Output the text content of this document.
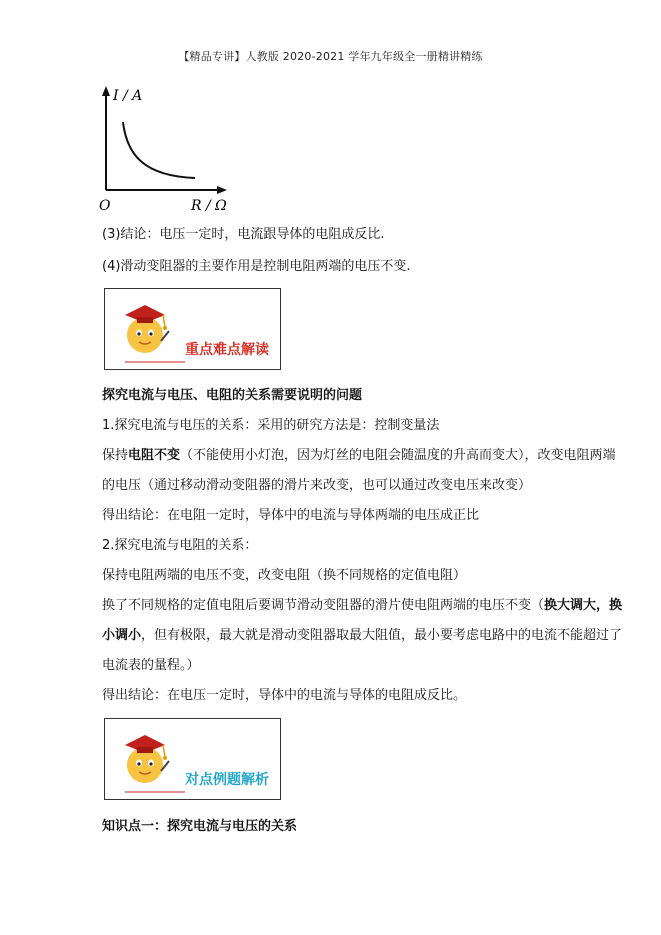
【精品专讲】人教版 2020-2021 学年九年级全一册精讲精练
I / A
R / Ω
O
(3)结论：电压一定时，电流跟导体的电阻成反比.
(4)滑动变阻器的主要作用是控制电阻两端的电压不变.
重点难点解读
探究电流与电压、电阻的关系需要说明的问题
1.探究电流与电压的关系：采用的研究方法是：控制变量法
保持电阻不变（不能使用小灯泡，因为灯丝的电阻会随温度的升高而变大），改变电阻两端
的电压（通过移动滑动变阻器的滑片来改变，也可以通过改变电压来改变）
得出结论：在电阻一定时，导体中的电流与导体两端的电压成正比
2.探究电流与电阻的关系：
保持电阻两端的电压不变，改变电阻（换不同规格的定值电阻）
换了不同规格的定值电阻后要调节滑动变阻器的滑片使电阻两端的电压不变（换大调大，换
小调小，但有极限，最大就是滑动变阻器取最大阻值，最小要考虑电路中的电流不能超过了
电流表的量程。）
得出结论：在电压一定时，导体中的电流与导体的电阻成反比。
对点例题解析
知识点一：探究电流与电压的关系
